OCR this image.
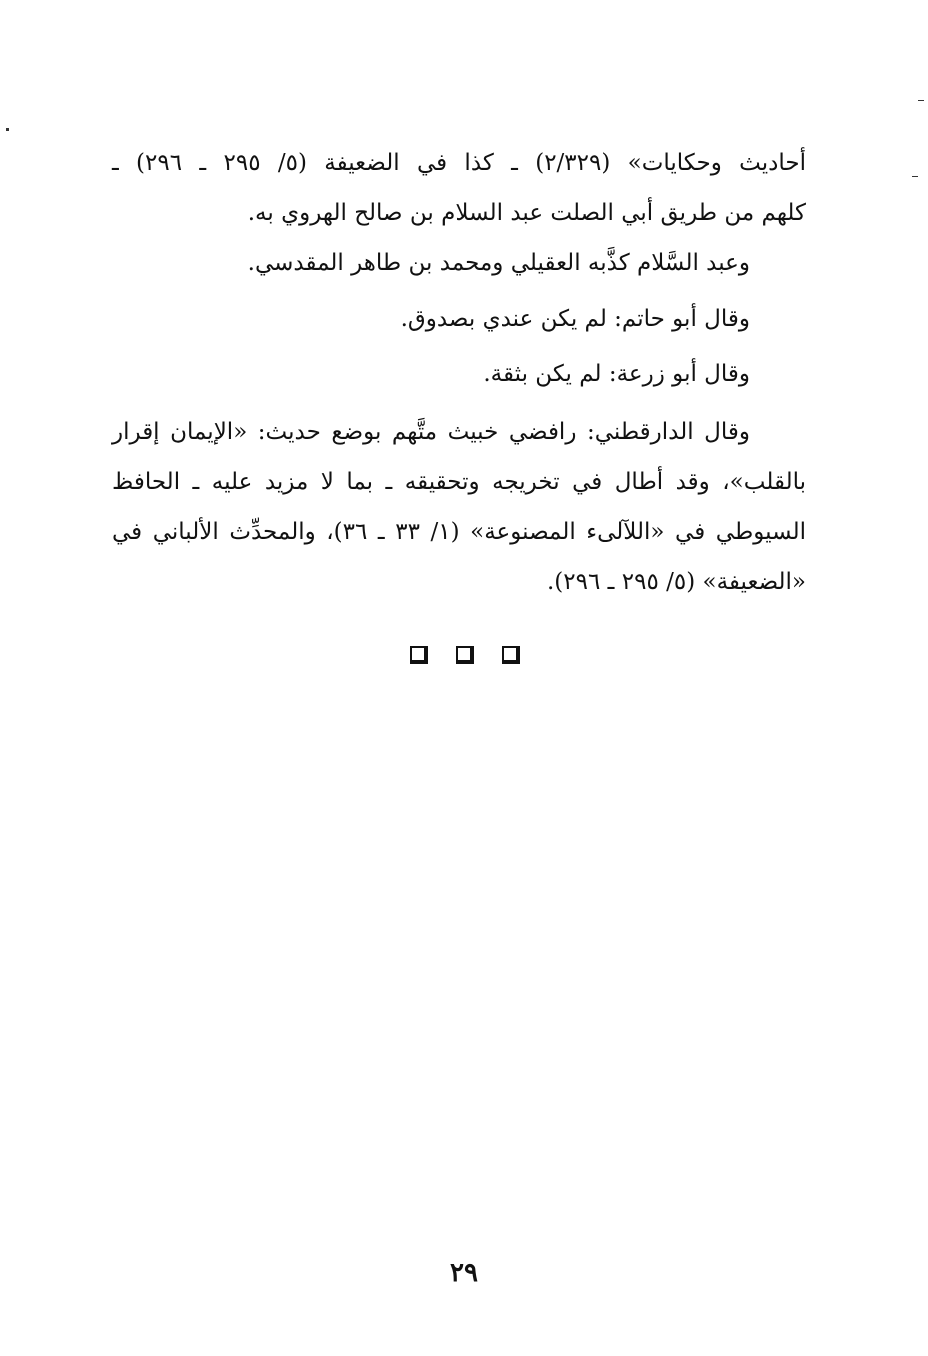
أحاديث وحكايات» (٢/٣٢٩) ـ كذا في الضعيفة (٥/ ٢٩٥ ـ ٢٩٦) ـ
كلهم من طريق أبي الصلت عبد السلام بن صالح الهروي به.
وعبد السَّلام كذَّبه العقيلي ومحمد بن طاهر المقدسي.
وقال أبو حاتم: لم يكن عندي بصدوق.
وقال أبو زرعة: لم يكن بثقة.
وقال الدارقطني: رافضي خبيث متَّهم بوضع حديث: «الإيمان إقرار
بالقلب»، وقد أطال في تخريجه وتحقيقه ـ بما لا مزيد عليه ـ الحافظ
السيوطي في «اللآلىء المصنوعة» (١/ ٣٣ ـ ٣٦)، والمحدِّث الألباني في
«الضعيفة» (٥/ ٢٩٥ ـ ٢٩٦).
٢٩
